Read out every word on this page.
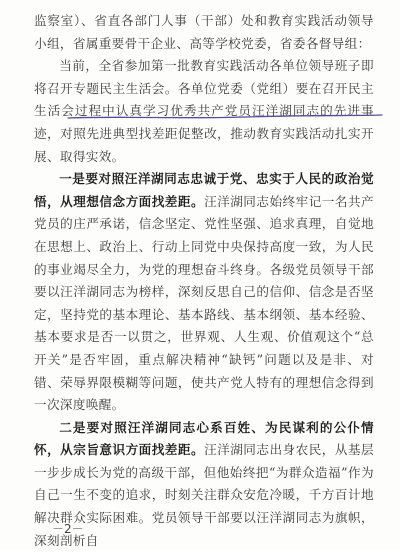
监察室）、省直各部门人事（干部）处和教育实践活动领导小组，省属重要骨干企业、高等学校党委，省委各督导组：

当前，全省参加第一批教育实践活动各单位领导班子即将召开专题民主生活会。各单位党委（党组）要在召开民主生活会过程中认真学习优秀共产党员汪洋湖同志的先进事迹，对照先进典型找差距促整改，推动教育实践活动扎实开展、取得实效。

一是要对照汪洋湖同志忠诚于党、忠实于人民的政治觉悟，从理想信念方面找差距。汪洋湖同志始终牢记一名共产党员的庄严承诺，信念坚定、党性坚强、追求真理，自觉地在思想上、政治上、行动上同党中央保持高度一致，为人民的事业竭尽全力，为党的理想奋斗终身。各级党员领导干部要以汪洋湖同志为榜样，深刻反思自己的信仰、信念是否坚定，坚持党的基本理论、基本路线、基本纲领、基本经验、基本要求是否一以贯之，世界观、人生观、价值观这个“总开关”是否牢固，重点解决精神“缺钙”问题以及是非、对错、荣辱界限模糊等问题，使共产党人特有的理想信念得到一次深度唤醒。

二是要对照汪洋湖同志心系百姓、为民谋利的公仆情怀，从宗旨意识方面找差距。汪洋湖同志出身农民，从基层一步步成长为党的高级干部，但他始终把“为群众造福”作为自己一生不变的追求，时刻关注群众安危冷暖，千方百计地解决群众实际困难。党员领导干部要以汪洋湖同志为旗帜，深刻剖析自

－2－
